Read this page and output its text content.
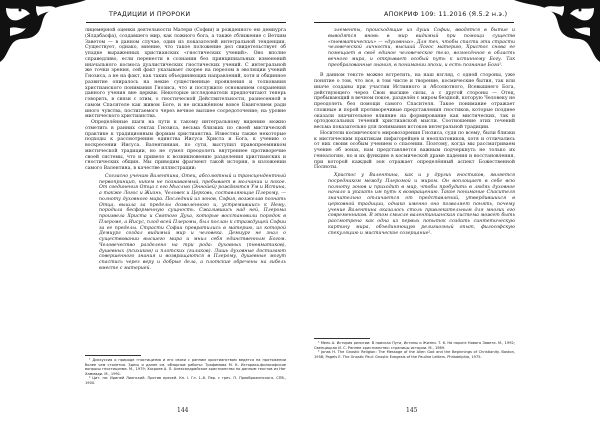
ТРАДИЦИИ И ПРОРОКИ

лицемерной оценки деятельности Матери (Софии) и рожденного ею демиурга (Ялдабаофа), создавшего мир, как ложного бога, а также сближение с Ветхим Заветом — в данном случае, один из показателей интегральной тенденции. Существует, однако, мнение, что такое положение дел свидетельствует об упадке выраженных христианских «гностических учений». Оно вполне справедливо, если перенести в сознании без принципиальных изменений иначального космоса дуалистических гностических учений. С интегральной же точки зрения, сей факт указывает скорее на перелом в эволюции учений Гнозиса, а не на факт, как таких объединяющих направлений, хотя и общинное развитие опиралось на некие существенные проявления и толкования христианского понимания Гнозиса, что и послужило основанием сохранения данного учения вне церкви. Некоторые исследователи предпочитают теперь говорить, в связи с этим, о гностической Действительности, разнесенной в самом Спасителе как живом Боге, и не искажённом вовсе Евангелием ради иного чувства, постигаемого через вечное высшее сосредоточение; на уровне мистического христианства.

Определённые шаги на пути к такому интегральному видению можно отметить в ранних сектах Гнозиса, весьма близких по своей мистической практике к традиционным формам христианства. Известны также некоторые подходы к рассмотрению единства Иисуса Христа и Бога, к учению о воскресении Иисуса. Валентиниан, по сути, выступил правопреемником мистической традиции, но не сумел преодолеть внутреннее противоречие своей системы, что и привело к возникновению разделения христианских и гностических общин. Мы приводим фрагмент такой истории, в изложении самого Валентина, в качестве иллюстрации:

Согласно учению Валентина, Отец, абсолютный и трансцендентный первопринцип, никем не познаваемый, пребывает в молчании и покое. От соединения Отца с его Мыслью (Эннойей) рождаются Ум и Истина, а также Логос и Жизнь, Человек и Церковь, составляющие Плерому, — полноту духовного мира. Последний из эонов, София, возжелав познать Отца, вышла за пределы дозволенного и, устремившись к Нему, породила бесформенную сущность. Сжалившись над ней, Плерома произвела Христа и Святого Духа, которые восстановили порядок в Плероме, а Иисус, плод всей Плеромы, был послан к страждущей Софии за ее пределы. Страсти Софии превратились в материю, из которой Демиург создал видимый мир и человека. Демиург не знал о существовании высшего мира и мнил себя единственным Богом. Человечество разделено на три рода: духовных (пневматиков), душевных (психиков) и плотских (гиликов). Лишь духовные достигают совершенного знания и возвращаются в Плерому, душевные могут спастись через веру и добрые дела, а плотские обречены на гибель вместе с материей.

¹ Дискуссия о природе гностицизма и его связи с ранним христианством ведется на протяжении более чем столетия. Здесь и далее см. обзорные работы: Трофимова М. К. Историко-философские вопросы гностицизма. М., 1979; Хосроев А. Л. Александрийское христианство по данным текстов из Наг Хаммади. М., 1991.

² Цит. по: Ириней Лионский. Против ересей. Кн. I. Гл. 1–8. Пер. с греч. П. Преображенского. СПб., 1900.

144
АПОКРИФ 109: 11.2016 (Я.5.2 н.э.)

элементы, происходящие из души Софии, вводятся в бытие и выводятся вновь в мир видимый при помощи существ «пневматических» — «духовных». Для тех, чтобы спасти эти страсти человеческой личности, высший Логос материю, Христос снова ее помещает в своё единое человеческое тело, вознесённое в область вечного мира, и открывает особый путь к истинному Богу. Так преобразованные знания, в понимании эпохи, и есть познание Бога¹.

В данном тексте можно встретить, на наш взгляд, с одной стороны, уже понятие о том, что все, в том числе и творение, космические бытия, так или иначе созданы при участии Истинного и Абсолютного, Всевышнего Бога, действующего через Свои высшие силы, а с другой стороны — Отец, пребывающий в вечном покое, разделён с миром бездной, которую Человеку не преодолеть без помощи самого Спасителя. Такое понимание отражает сложные и порой противоречивые представления гностиков, которые позднее оказали значительное влияние на формирование как мистических, так и ортодоксальных течений христианской мысли. Соотношение этих течений весьма показательно для понимания истоков интегральной традиции.

Носители космического мировоззрения Гнозиса, судя по всему, были близки к мистическим практикам пифагорейцев и неоплатоников, хотя и отличались от них своим особым учением о спасении. Поэтому, когда мы рассматриваем учение об эонах, нам представляется важным подчеркнуть не только их генеалогию, но и их функцию в космической драме падения и восстановления, при которой каждый эон отражает определённый аспект Божественной Полноты.

Христос у Валентина, как и у других гностиков, является посредником между Плеромой и миром. Он воплощает в себе всю полноту эонов и приходит в мир, чтобы пробудить в людях духовное начало и указать им путь к возвращению. Такое понимание Спасителя значительно отличается от представлений, утвердившихся в церковной традиции, однако именно оно позволяет понять, почему учение Валентина оказалось столь привлекательным для многих его современников. В этом смысле валентинианская система может быть рассмотрена как одна из первых попыток создать синтетическую картину мира, объединяющую религиозный опыт, философскую спекуляцию и мистическое созерцание².

¹ Мень А. История религии: В поисках Пути, Истины и Жизни. Т. 6. На пороге Нового Завета. М., 1992; Свенцицкая И. С. Раннее христианство: страницы истории. М., 1989.

² Jonas H. The Gnostic Religion: The Message of the Alien God and the Beginnings of Christianity. Boston, 1958; Pagels E. The Gnostic Paul: Gnostic Exegesis of the Pauline Letters. Philadelphia, 1975.

145
